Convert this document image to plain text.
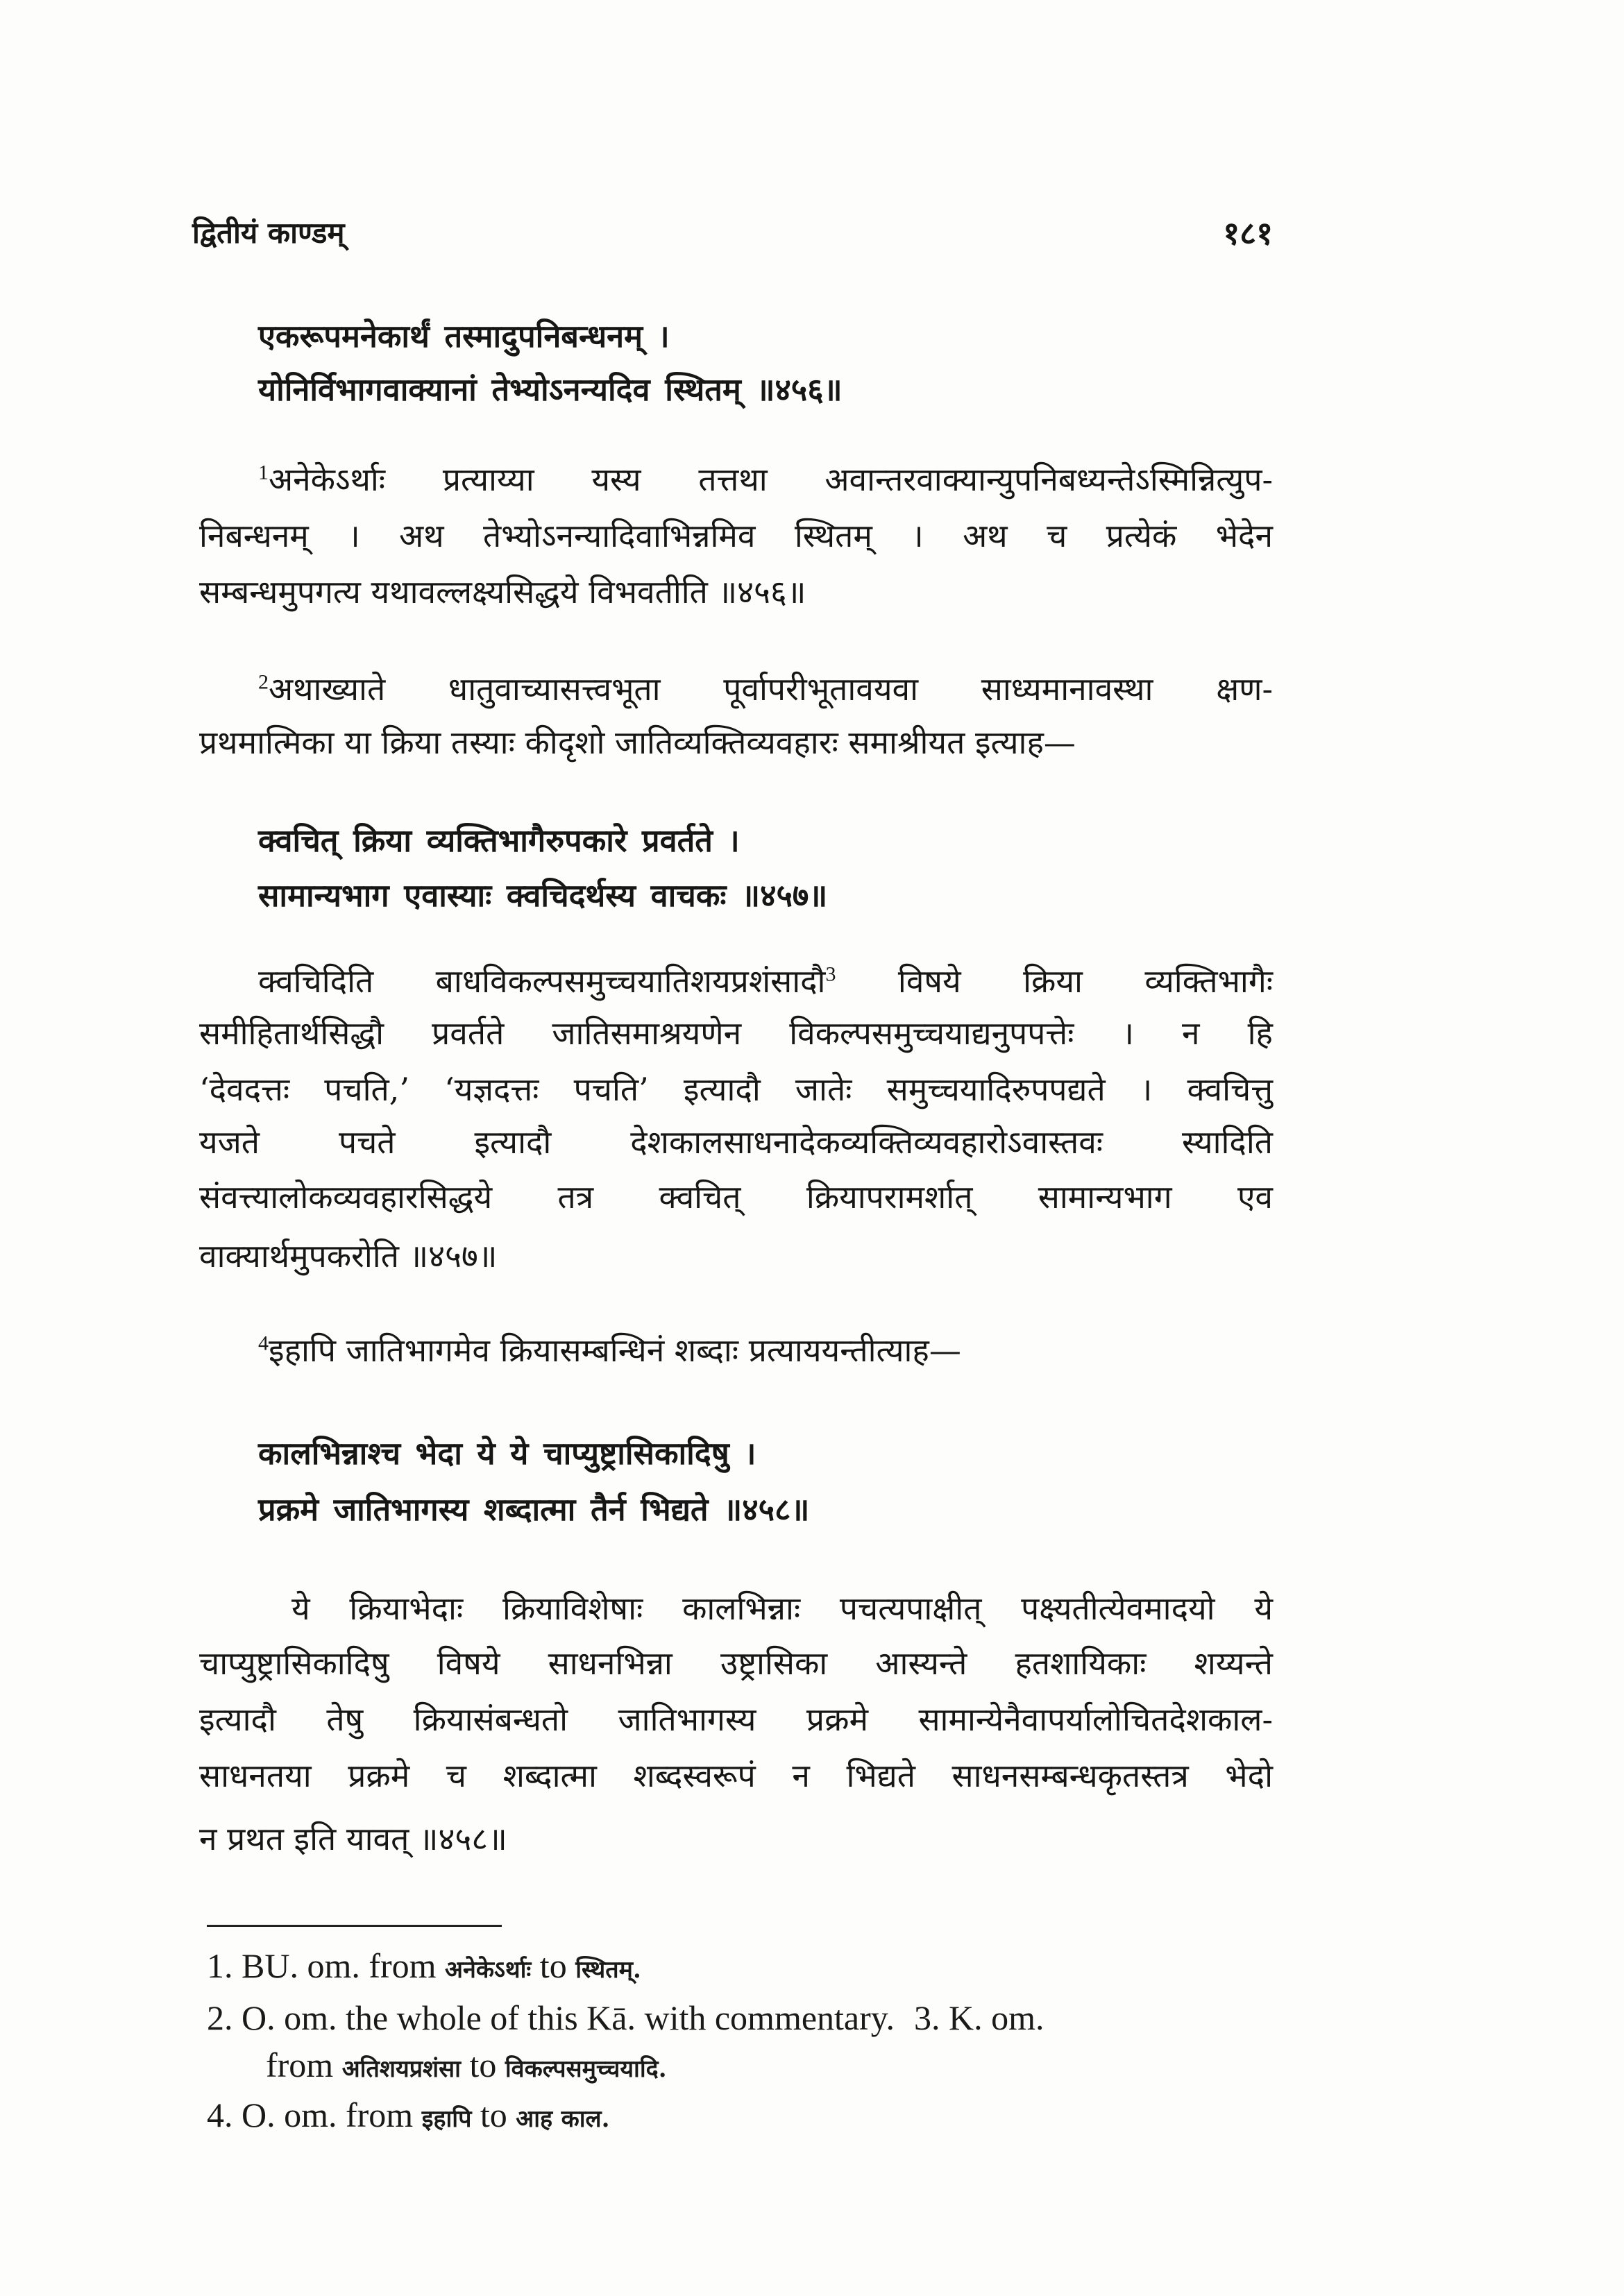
द्वितीयं काण्डम्	१८१
एकरूपमनेकार्थं तस्मादुपनिबन्धनम् ।
योनिर्विभागवाक्यानां तेभ्योऽनन्यदिव स्थितम् ॥४५६॥
$^1$अनेकेऽर्थाः प्रत्याय्या यस्य तत्तथा अवान्तरवाक्यान्युपनिबध्यन्तेऽस्मिन्नित्युप-
निबन्धनम् । अथ तेभ्योऽनन्यादिवाभिन्नमिव स्थितम् । अथ च प्रत्येकं भेदेन
सम्बन्धमुपगत्य यथावल्लक्ष्यसिद्धये विभवतीति ॥४५६॥
$^2$अथाख्याते धातुवाच्यासत्त्वभूता पूर्वापरीभूतावयवा साध्यमानावस्था क्षण-
प्रथमात्मिका या क्रिया तस्याः कीदृशो जातिव्यक्तिव्यवहारः समाश्रीयत इत्याह—
क्वचित् क्रिया व्यक्तिभागैरुपकारे प्रवर्तते ।
सामान्यभाग एवास्याः क्वचिदर्थस्य वाचकः ॥४५७॥
क्वचिदिति बाधविकल्पसमुच्चयातिशयप्रशंसादौ$^3$ विषये क्रिया व्यक्तिभागैः
समीहितार्थसिद्धौ प्रवर्तते जातिसमाश्रयणेन विकल्पसमुच्चयाद्यनुपपत्तेः । न हि
‘देवदत्तः पचति,’ ‘यज्ञदत्तः पचति’ इत्यादौ जातेः समुच्चयादिरुपपद्यते । क्वचित्तु
यजते पचते इत्यादौ देशकालसाधनादेकव्यक्तिव्यवहारोऽवास्तवः स्यादिति
संवत्त्यालोकव्यवहारसिद्धये तत्र क्वचित् क्रियापरामर्शात् सामान्यभाग एव
वाक्यार्थमुपकरोति ॥४५७॥
$^4$इहापि जातिभागमेव क्रियासम्बन्धिनं शब्दाः प्रत्याययन्तीत्याह—
कालभिन्नाश्च भेदा ये ये चाप्युष्ट्रासिकादिषु ।
प्रक्रमे जातिभागस्य शब्दात्मा तैर्न भिद्यते ॥४५८॥
ये क्रियाभेदाः क्रियाविशेषाः कालभिन्नाः पचत्यपाक्षीत् पक्ष्यतीत्येवमादयो ये
चाप्युष्ट्रासिकादिषु विषये साधनभिन्ना उष्ट्रासिका आस्यन्ते हतशायिकाः शय्यन्ते
इत्यादौ तेषु क्रियासंबन्धतो जातिभागस्य प्रक्रमे सामान्येनैवापर्यालोचितदेशकाल-
साधनतया प्रक्रमे च शब्दात्मा शब्दस्वरूपं न भिद्यते साधनसम्बन्धकृतस्तत्र भेदो
न प्रथत इति यावत् ॥४५८॥
1. BU. om. from अनेकेऽर्थाः to स्थितम्.
2. O. om. the whole of this Kā. with commentary. 3. K. om.
from अतिशयप्रशंसा to विकल्पसमुच्चयादि.
4. O. om. from इहापि to आह काल.
